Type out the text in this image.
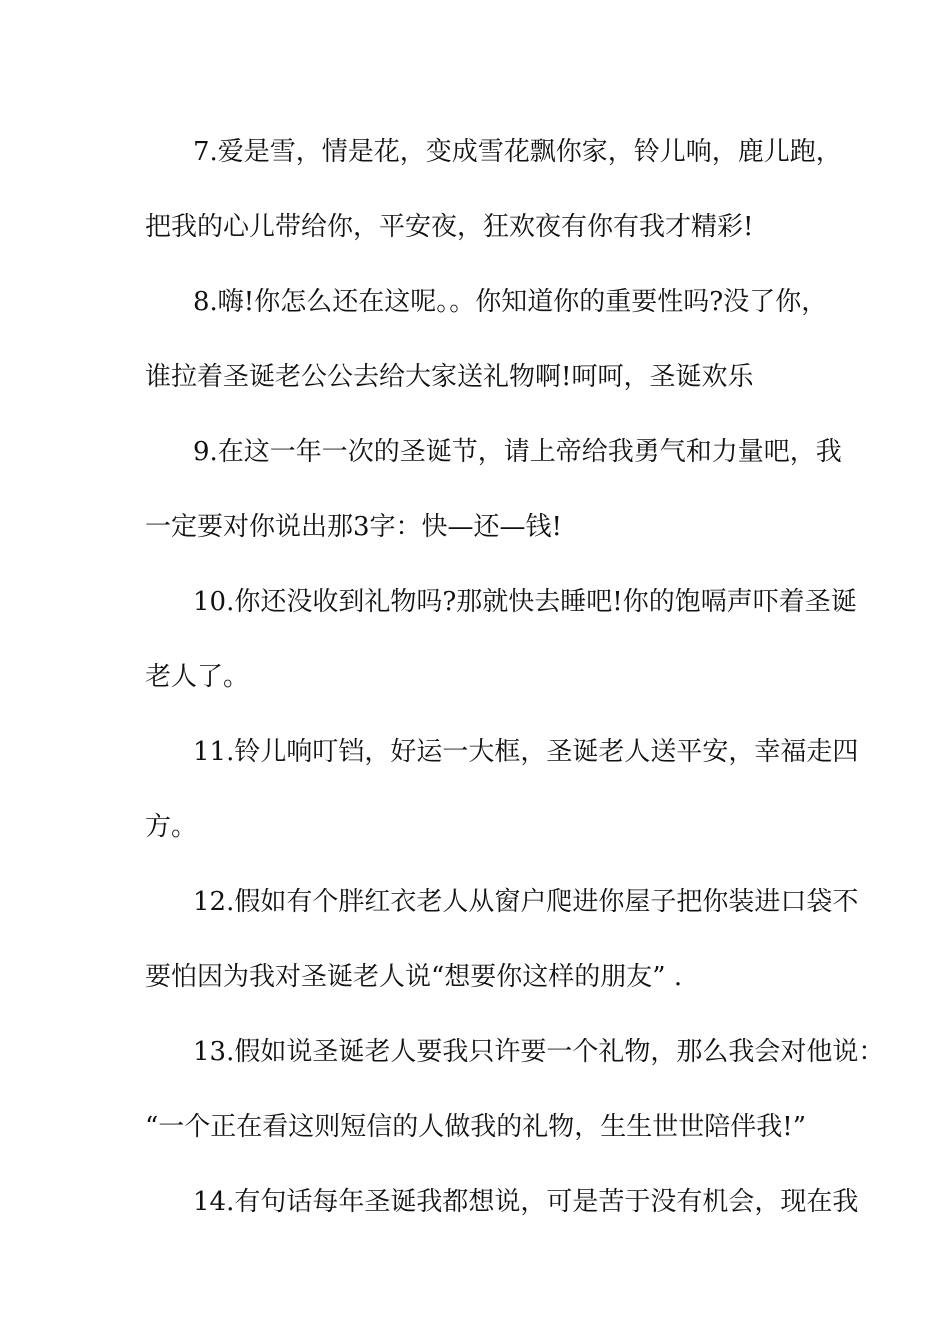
7.爱是雪，情是花，变成雪花飘你家，铃儿响，鹿儿跑，
把我的心儿带给你，平安夜，狂欢夜有你有我才精彩!
8.嗨!你怎么还在这呢。。你知道你的重要性吗?没了你，
谁拉着圣诞老公公去给大家送礼物啊!呵呵，圣诞欢乐
9.在这一年一次的圣诞节，请上帝给我勇气和力量吧，我
一定要对你说出那3字：快—还—钱!
10.你还没收到礼物吗?那就快去睡吧!你的饱嗝声吓着圣诞
老人了。
11.铃儿响叮铛，好运一大框，圣诞老人送平安，幸福走四
方。
12.假如有个胖红衣老人从窗户爬进你屋子把你装进口袋不
要怕因为我对圣诞老人说“想要你这样的朋友” .
13.假如说圣诞老人要我只许要一个礼物，那么我会对他说：
“一个正在看这则短信的人做我的礼物，生生世世陪伴我!”
14.有句话每年圣诞我都想说，可是苦于没有机会，现在我
